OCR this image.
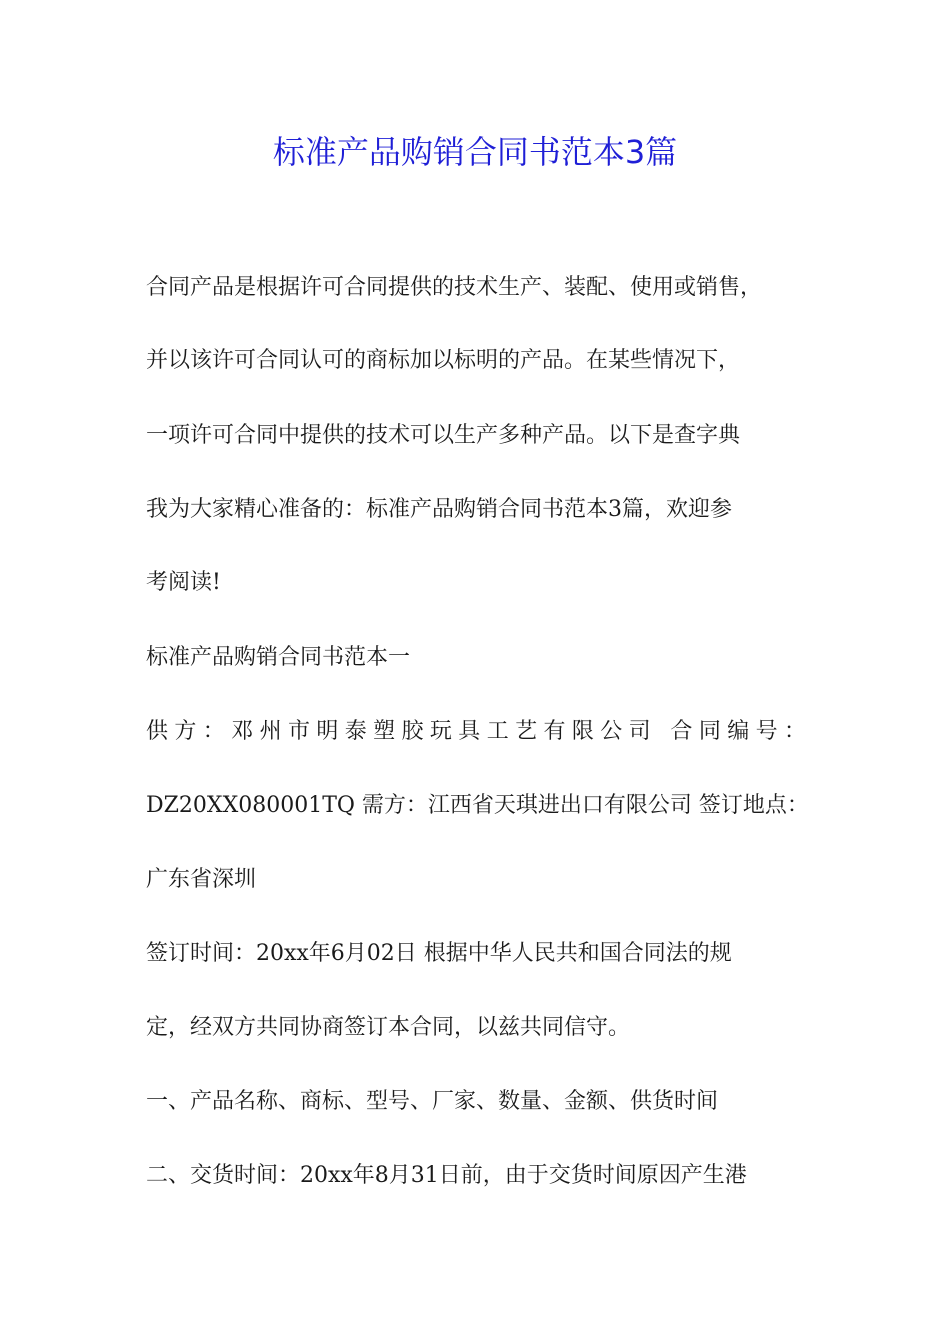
标准产品购销合同书范本3篇

合同产品是根据许可合同提供的技术生产、装配、使用或销售，

并以该许可合同认可的商标加以标明的产品。在某些情况下，

一项许可合同中提供的技术可以生产多种产品。以下是查字典

我为大家精心准备的：标准产品购销合同书范本3篇，欢迎参

考阅读!

标准产品购销合同书范本一

供方：邓州市明泰塑胶玩具工艺有限公司 合同编号：

DZ20XX080001TQ 需方：江西省天琪进出口有限公司 签订地点：

广东省深圳

签订时间：20xx年6月02日 根据中华人民共和国合同法的规

定，经双方共同协商签订本合同，以兹共同信守。

一、产品名称、商标、型号、厂家、数量、金额、供货时间

二、交货时间：20xx年8月31日前，由于交货时间原因产生港
